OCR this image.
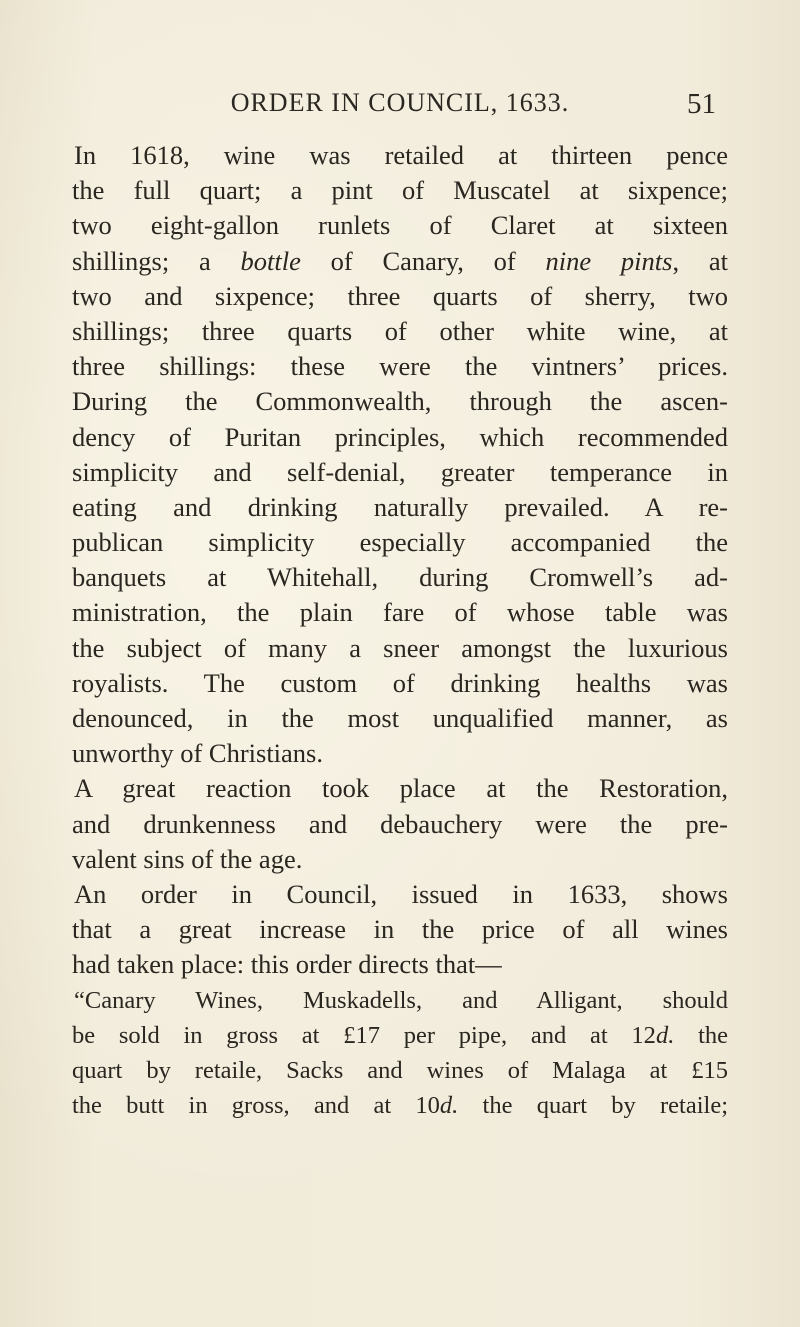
ORDER IN COUNCIL, 1633.	51
In 1618, wine was retailed at thirteen pence
the full quart; a pint of Muscatel at sixpence;
two eight-gallon runlets of Claret at sixteen
shillings; a bottle of Canary, of nine pints, at
two and sixpence; three quarts of sherry, two
shillings; three quarts of other white wine, at
three shillings: these were the vintners’ prices.
During the Commonwealth, through the ascen-
dency of Puritan principles, which recommended
simplicity and self-denial, greater temperance in
eating and drinking naturally prevailed. A re-
publican simplicity especially accompanied the
banquets at Whitehall, during Cromwell’s ad-
ministration, the plain fare of whose table was
the subject of many a sneer amongst the luxurious
royalists. The custom of drinking healths was
denounced, in the most unqualified manner, as
unworthy of Christians.
A great reaction took place at the Restoration,
and drunkenness and debauchery were the pre-
valent sins of the age.
An order in Council, issued in 1633, shows
that a great increase in the price of all wines
had taken place: this order directs that—
“Canary Wines, Muskadells, and Alligant, should
be sold in gross at £17 per pipe, and at 12d. the
quart by retaile, Sacks and wines of Malaga at £15
the butt in gross, and at 10d. the quart by retaile;
